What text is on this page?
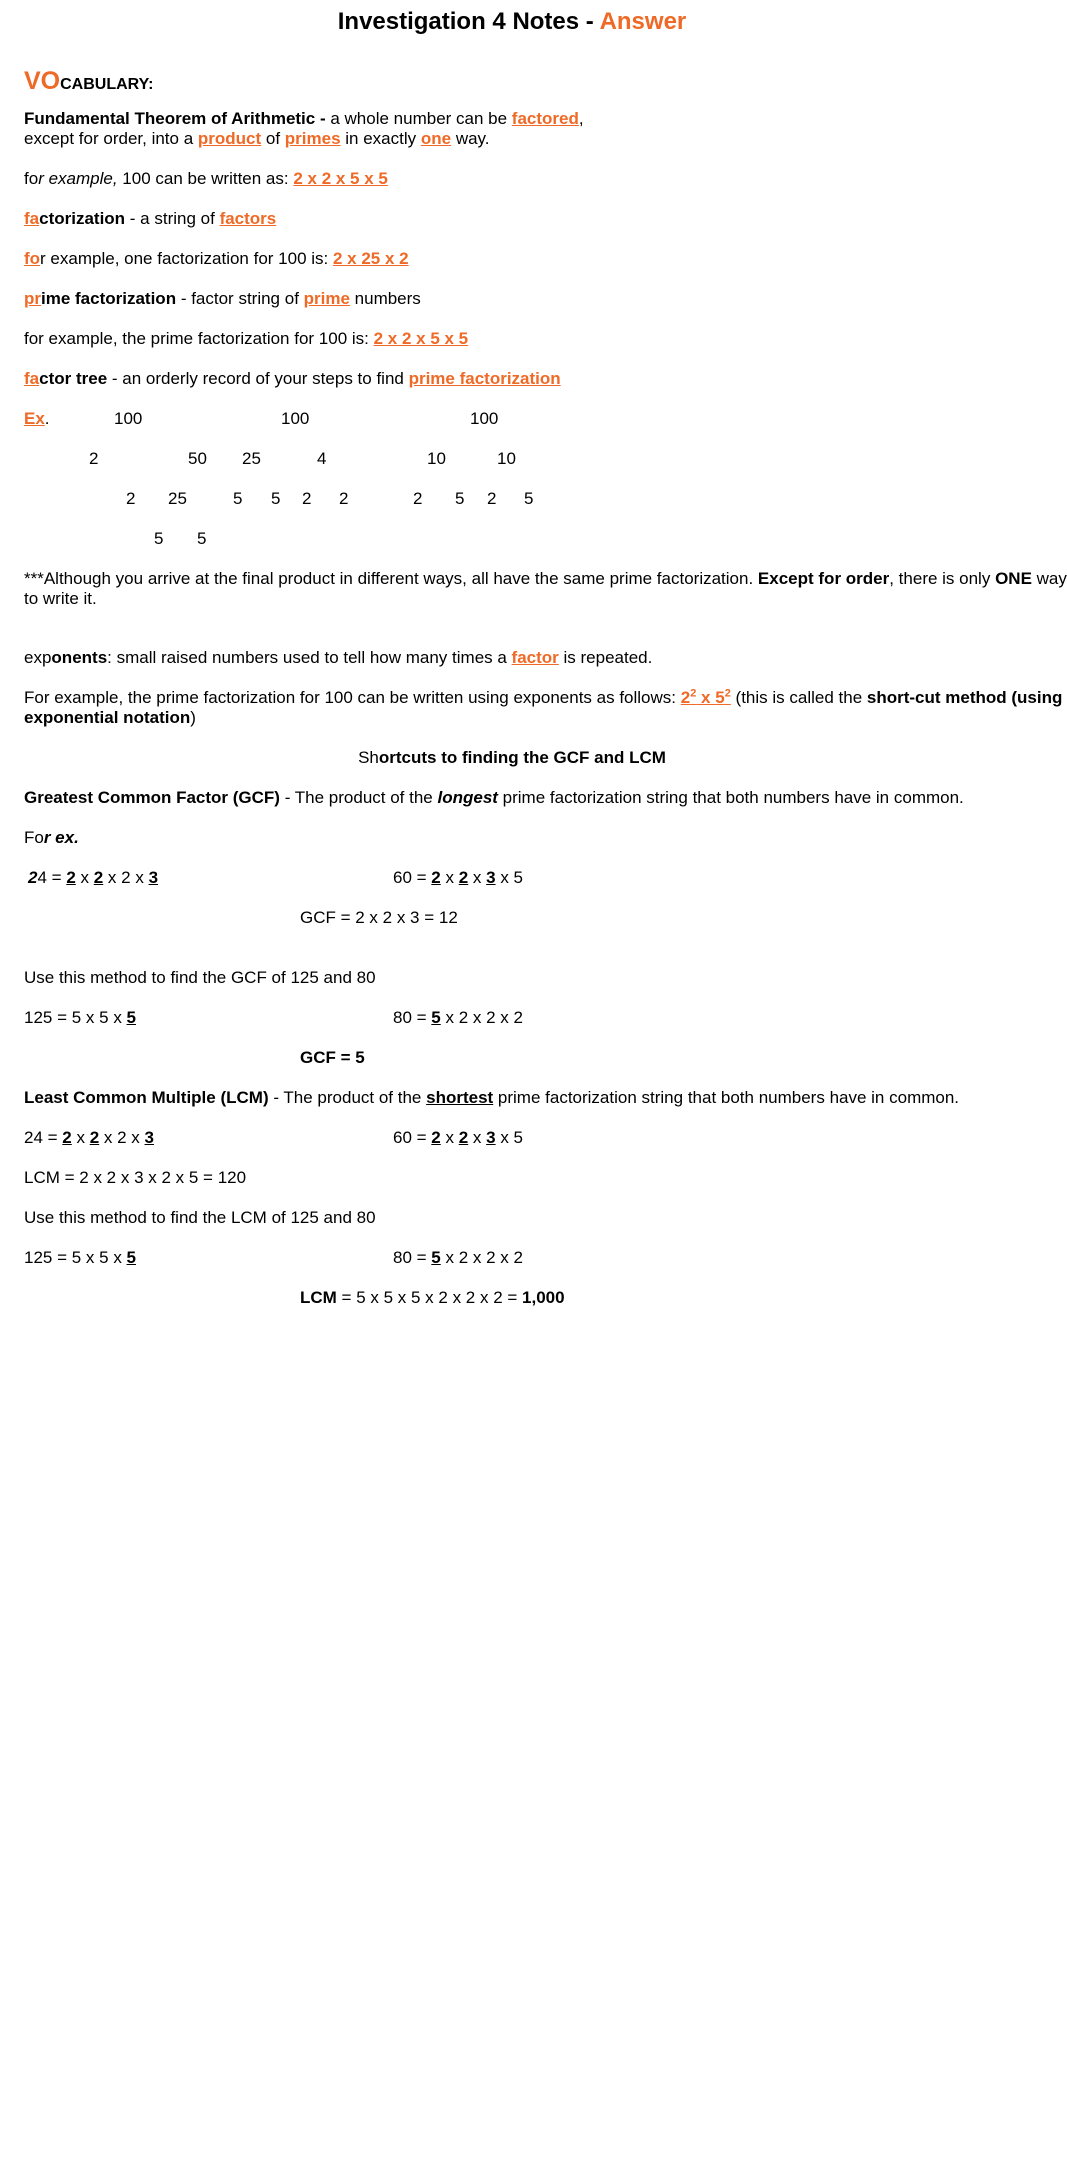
Investigation 4 Notes - Answer
VOCABULARY:
Fundamental Theorem of Arithmetic - a whole number can be factored,
except for order, into a product of primes in exactly one way.
for example, 100 can be written as: 2 x 2 x 5 x 5
factorization - a string of factors
for example, one factorization for 100 is: 2 x 25 x 2
prime factorization - factor string of prime numbers
for example, the prime factorization for 100 is: 2 x 2 x 5 x 5
factor tree - an orderly record of your steps to find prime factorization
Ex.	100
2	50
2 25
5 5
100
25	4
5 5 2 2
100
10	10
2 5 2 5
***Although you arrive at the final product in different ways, all have the same prime factorization. Except for order, there is only ONE way
to write it.
exponents: small raised numbers used to tell how many times a factor is repeated.
For example, the prime factorization for 100 can be written using exponents as follows: $2^2$ x $5^2$ (this is called the short-cut method (using
exponential notation)
Shortcuts to finding the GCF and LCM
Greatest Common Factor (GCF) - The product of the longest prime factorization string that both numbers have in common.
For ex.
24 = 2 x 2 x 2 x 3	60 = 2 x 2 x 3 x 5
GCF = 2 x 2 x 3 = 12
Use this method to find the GCF of 125 and 80
125 = 5 x 5 x 5	80 = 5 x 2 x 2 x 2
GCF = 5
Least Common Multiple (LCM) - The product of the shortest prime factorization string that both numbers have in common.
24 = 2 x 2 x 2 x 3	60 = 2 x 2 x 3 x 5
LCM = 2 x 2 x 3 x 2 x 5 = 120
Use this method to find the LCM of 125 and 80
125 = 5 x 5 x 5	80 = 5 x 2 x 2 x 2
LCM = 5 x 5 x 5 x 2 x 2 x 2 = 1,000
